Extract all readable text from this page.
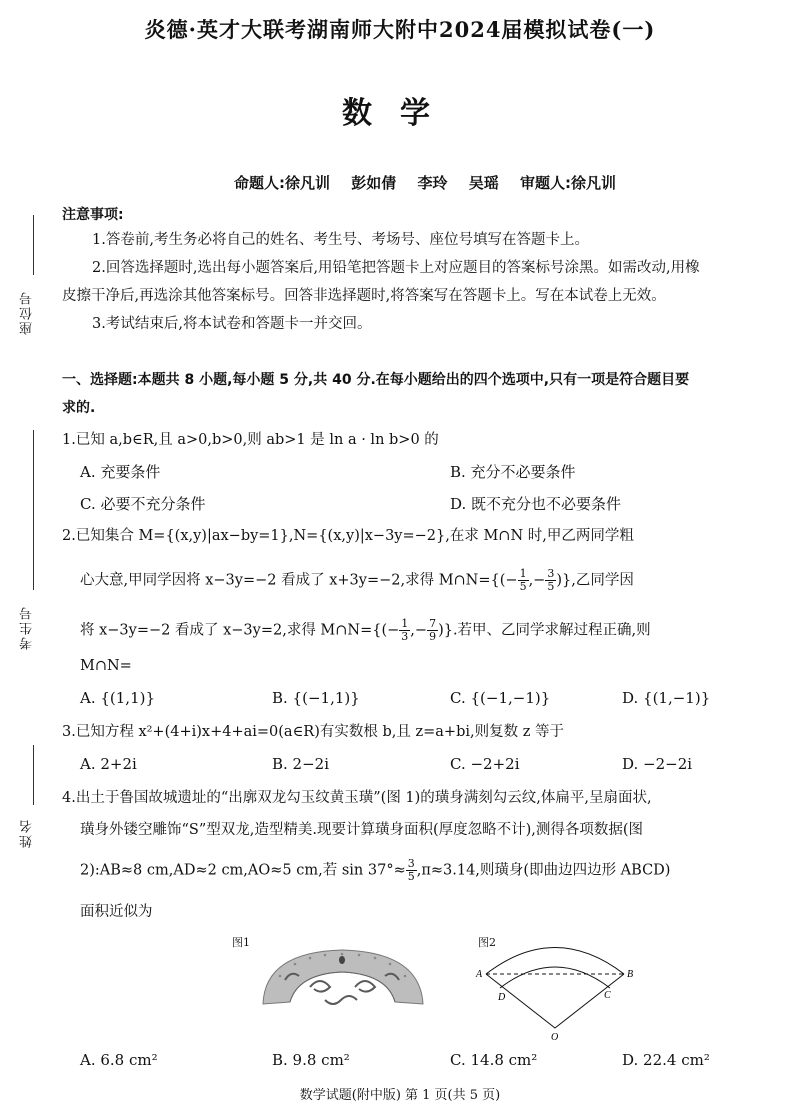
炎德·英才大联考湖南师大附中2024届模拟试卷(一)
数学
命题人:徐凡训 彭如倩 李玲 吴瑶 审题人:徐凡训
座位号
考生号
姓名
注意事项:
1.答卷前,考生务必将自己的姓名、考生号、考场号、座位号填写在答题卡上。
2.回答选择题时,选出每小题答案后,用铅笔把答题卡上对应题目的答案标号涂黑。如需改动,用橡
皮擦干净后,再选涂其他答案标号。回答非选择题时,将答案写在答题卡上。写在本试卷上无效。
3.考试结束后,将本试卷和答题卡一并交回。
一、选择题:本题共 8 小题,每小题 5 分,共 40 分.在每小题给出的四个选项中,只有一项是符合题目要
求的.
1.已知 a,b∈R,且 a>0,b>0,则 ab>1 是 ln a · ln b>0 的
A. 充要条件	B. 充分不必要条件
C. 必要不充分条件	D. 既不充分也不必要条件
2.已知集合 M={(x,y)|ax−by=1},N={(x,y)|x−3y=−2},在求 M∩N 时,甲乙两同学粗
心大意,甲同学因将 x−3y=−2 看成了 x+3y=−2,求得 M∩N={(− $\frac{1}{5}$ ,− $\frac{3}{5}$ )},乙同学因
将 x−3y=−2 看成了 x−3y=2,求得 M∩N={(− $\frac{1}{3}$ ,− $\frac{7}{9}$ )}.若甲、乙同学求解过程正确,则
M∩N=
A. {(1,1)}	B. {(−1,1)}	C. {(−1,−1)}	D. {(1,−1)}
3.已知方程 x²+(4+i)x+4+ai=0(a∈R)有实数根 b,且 z=a+bi,则复数 z 等于
A. 2+2i	B. 2−2i	C. −2+2i	D. −2−2i
4.出土于鲁国故城遗址的“出廓双龙勾玉纹黄玉璜”(图 1)的璜身满刻勾云纹,体扁平,呈扇面状,
璜身外镂空雕饰“S”型双龙,造型精美.现要计算璜身面积(厚度忽略不计),测得各项数据(图
2):AB≈8 cm,AD≈2 cm,AO≈5 cm,若 $\sin 37^\circ\approx \frac{3}{5} ,\pi\approx 3.14$,则璜身(即曲边四边形 ABCD)
面积近似为
图1	图2
A	B
C
D
O
A. 6.8 cm²	B. 9.8 cm²	C. 14.8 cm²	D. 22.4 cm²
数学试题(附中版) 第 1 页(共 5 页)
